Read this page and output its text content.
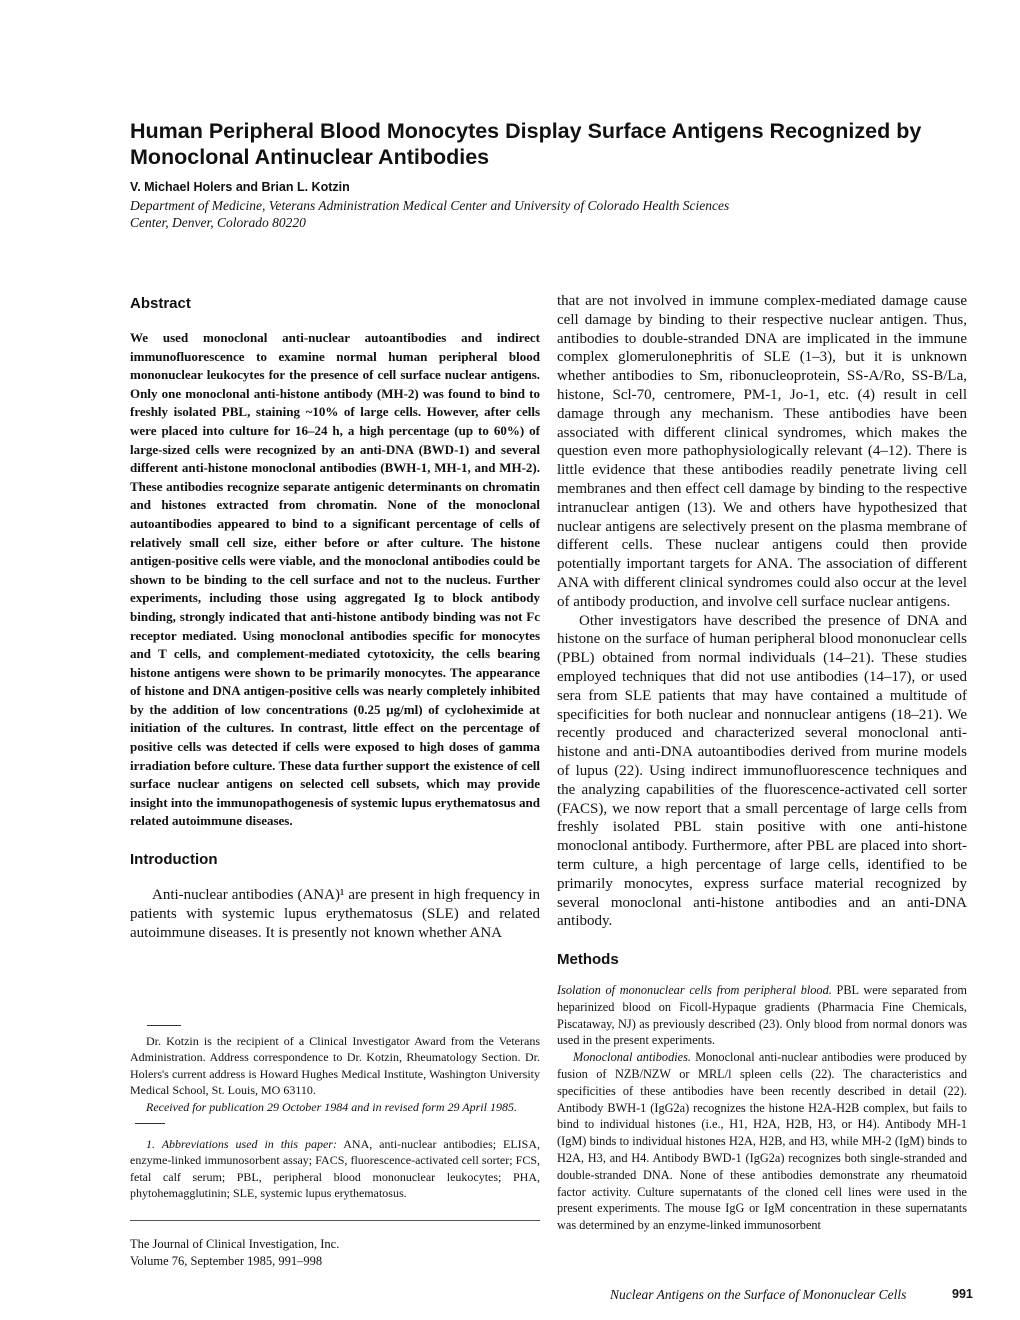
Human Peripheral Blood Monocytes Display Surface Antigens Recognized by Monoclonal Antinuclear Antibodies

V. Michael Holers and Brian L. Kotzin

Department of Medicine, Veterans Administration Medical Center and University of Colorado Health Sciences Center, Denver, Colorado 80220

Abstract

We used monoclonal anti-nuclear autoantibodies and indirect immunofluorescence to examine normal human peripheral blood mononuclear leukocytes for the presence of cell surface nuclear antigens. Only one monoclonal anti-histone antibody (MH-2) was found to bind to freshly isolated PBL, staining ~10% of large cells. However, after cells were placed into culture for 16–24 h, a high percentage (up to 60%) of large-sized cells were recognized by an anti-DNA (BWD-1) and several different anti-histone monoclonal antibodies (BWH-1, MH-1, and MH-2). These antibodies recognize separate antigenic determinants on chromatin and histones extracted from chromatin. None of the monoclonal autoantibodies appeared to bind to a significant percentage of cells of relatively small cell size, either before or after culture. The histone antigen-positive cells were viable, and the monoclonal antibodies could be shown to be binding to the cell surface and not to the nucleus. Further experiments, including those using aggregated Ig to block antibody binding, strongly indicated that anti-histone antibody binding was not Fc receptor mediated. Using monoclonal antibodies specific for monocytes and T cells, and complement-mediated cytotoxicity, the cells bearing histone antigens were shown to be primarily monocytes. The appearance of histone and DNA antigen-positive cells was nearly completely inhibited by the addition of low concentrations (0.25 µg/ml) of cycloheximide at initiation of the cultures. In contrast, little effect on the percentage of positive cells was detected if cells were exposed to high doses of gamma irradiation before culture. These data further support the existence of cell surface nuclear antigens on selected cell subsets, which may provide insight into the immunopathogenesis of systemic lupus erythematosus and related autoimmune diseases.

Introduction

Anti-nuclear antibodies (ANA)¹ are present in high frequency in patients with systemic lupus erythematosus (SLE) and related autoimmune diseases. It is presently not known whether ANA

Dr. Kotzin is the recipient of a Clinical Investigator Award from the Veterans Administration. Address correspondence to Dr. Kotzin, Rheumatology Section. Dr. Holers's current address is Howard Hughes Medical Institute, Washington University Medical School, St. Louis, MO 63110.

Received for publication 29 October 1984 and in revised form 29 April 1985.

1. Abbreviations used in this paper: ANA, anti-nuclear antibodies; ELISA, enzyme-linked immunosorbent assay; FACS, fluorescence-activated cell sorter; FCS, fetal calf serum; PBL, peripheral blood mononuclear leukocytes; PHA, phytohemagglutinin; SLE, systemic lupus erythematosus.

The Journal of Clinical Investigation, Inc.

Volume 76, September 1985, 991–998

that are not involved in immune complex-mediated damage cause cell damage by binding to their respective nuclear antigen. Thus, antibodies to double-stranded DNA are implicated in the immune complex glomerulonephritis of SLE (1–3), but it is unknown whether antibodies to Sm, ribonucleoprotein, SS-A/Ro, SS-B/La, histone, Scl-70, centromere, PM-1, Jo-1, etc. (4) result in cell damage through any mechanism. These antibodies have been associated with different clinical syndromes, which makes the question even more pathophysiologically relevant (4–12). There is little evidence that these antibodies readily penetrate living cell membranes and then effect cell damage by binding to the respective intranuclear antigen (13). We and others have hypothesized that nuclear antigens are selectively present on the plasma membrane of different cells. These nuclear antigens could then provide potentially important targets for ANA. The association of different ANA with different clinical syndromes could also occur at the level of antibody production, and involve cell surface nuclear antigens.

Other investigators have described the presence of DNA and histone on the surface of human peripheral blood mononuclear cells (PBL) obtained from normal individuals (14–21). These studies employed techniques that did not use antibodies (14–17), or used sera from SLE patients that may have contained a multitude of specificities for both nuclear and nonnuclear antigens (18–21). We recently produced and characterized several monoclonal anti-histone and anti-DNA autoantibodies derived from murine models of lupus (22). Using indirect immunofluorescence techniques and the analyzing capabilities of the fluorescence-activated cell sorter (FACS), we now report that a small percentage of large cells from freshly isolated PBL stain positive with one anti-histone monoclonal antibody. Furthermore, after PBL are placed into short-term culture, a high percentage of large cells, identified to be primarily monocytes, express surface material recognized by several monoclonal anti-histone antibodies and an anti-DNA antibody.

Methods

Isolation of mononuclear cells from peripheral blood. PBL were separated from heparinized blood on Ficoll-Hypaque gradients (Pharmacia Fine Chemicals, Piscataway, NJ) as previously described (23). Only blood from normal donors was used in the present experiments.

Monoclonal antibodies. Monoclonal anti-nuclear antibodies were produced by fusion of NZB/NZW or MRL/l spleen cells (22). The characteristics and specificities of these antibodies have been recently described in detail (22). Antibody BWH-1 (IgG2a) recognizes the histone H2A-H2B complex, but fails to bind to individual histones (i.e., H1, H2A, H2B, H3, or H4). Antibody MH-1 (IgM) binds to individual histones H2A, H2B, and H3, while MH-2 (IgM) binds to H2A, H3, and H4. Antibody BWD-1 (IgG2a) recognizes both single-stranded and double-stranded DNA. None of these antibodies demonstrate any rheumatoid factor activity. Culture supernatants of the cloned cell lines were used in the present experiments. The mouse IgG or IgM concentration in these supernatants was determined by an enzyme-linked immunosorbent

Nuclear Antigens on the Surface of Mononuclear Cells	991
